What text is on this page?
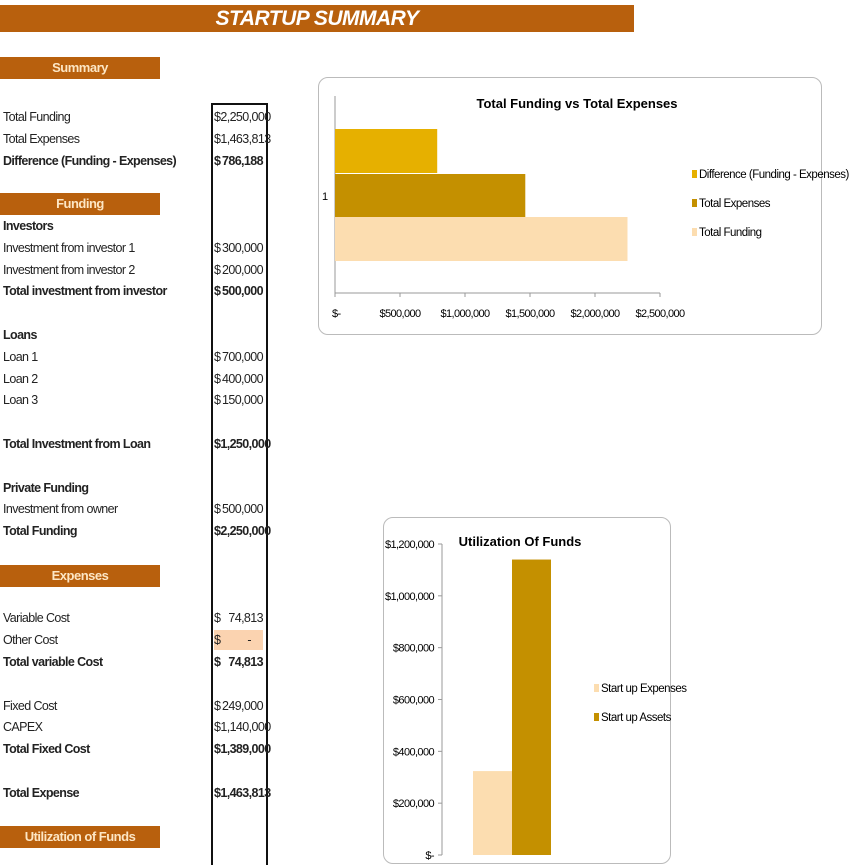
STARTUP SUMMARY
Summary
Funding
Expenses
Utilization of Funds
Total Funding	$ 2,250,000
Total Expenses	$ 1,463,813
Difference (Funding - Expenses)	$ 786,188
Investors
Investment from investor 1	$ 300,000
Investment from investor 2	$ 200,000
Total investment from investor	$ 500,000
Loans
Loan 1	$ 700,000
Loan 2	$ 400,000
Loan 3	$ 150,000
Total Investment from Loan	$ 1,250,000
Private Funding
Investment from owner	$ 500,000
Total Funding	$ 2,250,000
Variable Cost	$ 74,813
Other Cost	$ -
Total variable Cost	$ 74,813
Fixed Cost	$ 249,000
CAPEX	$ 1,140,000
Total Fixed Cost	$ 1,389,000
Total Expense	$ 1,463,813
Total Funding vs Total Expenses
1
Difference (Funding - Expenses)
Total Expenses
Total Funding
$-	$500,000 $1,000,000 $1,500,000 $2,000,000 $2,500,000
Utilization Of Funds
$-
$200,000
$400,000
$600,000
$800,000
$1,000,000
$1,200,000
Start up Expenses
Start up Assets
